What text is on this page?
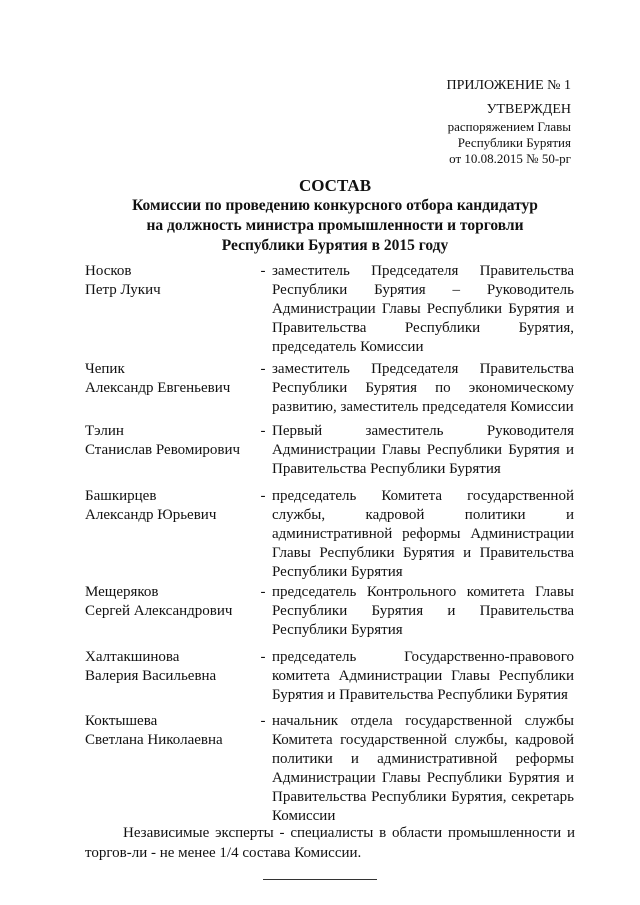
ПРИЛОЖЕНИЕ № 1
УТВЕРЖДЕН
распоряжением Главы
Республики Бурятия
от 10.08.2015 № 50-рг
СОСТАВ
Комиссии по проведению конкурсного отбора кандидатур
на должность министра промышленности и торговли
Республики Бурятия в 2015 году
Носков
Петр Лукич
- заместитель Председателя Правительства Республики Бурятия – Руководитель Администрации Главы Республики Бурятия и Правительства Республики Бурятия, председатель Комиссии
Чепик
Александр Евгеньевич
- заместитель Председателя Правительства Республики Бурятия по экономическому развитию, заместитель председателя Комиссии
Тэлин
Станислав Ревомирович
- Первый заместитель Руководителя Администрации Главы Республики Бурятия и Правительства Республики Бурятия
Башкирцев
Александр Юрьевич
- председатель Комитета государственной службы, кадровой политики и административной реформы Администрации Главы Республики Бурятия и Правительства Республики Бурятия
Мещеряков
Сергей Александрович
- председатель Контрольного комитета Главы Республики Бурятия и Правительства Республики Бурятия
Халтакшинова
Валерия Васильевна
- председатель Государственно-правового комитета Администрации Главы Республики Бурятия и Правительства Республики Бурятия
Коктышева
Светлана Николаевна
- начальник отдела государственной службы Комитета государственной службы, кадровой политики и административной реформы Администрации Главы Республики Бурятия и Правительства Республики Бурятия, секретарь Комиссии
Независимые эксперты - специалисты в области промышленности и торгов-ли - не менее 1/4 состава Комиссии.
